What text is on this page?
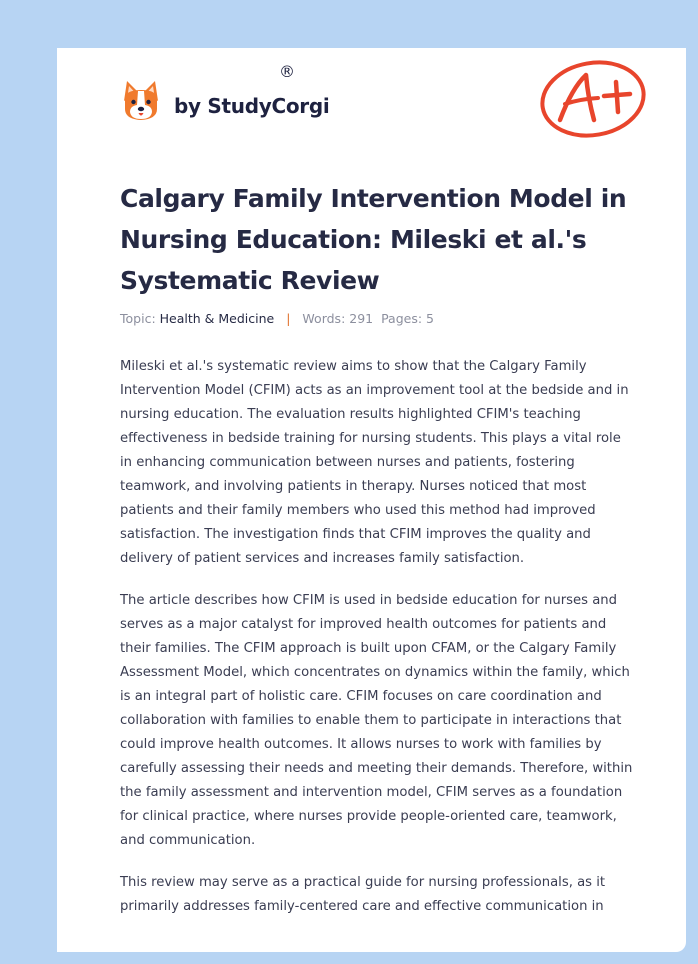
by StudyCorgi
®
Calgary Family Intervention Model in Nursing Education: Mileski et al.'s Systematic Review
Topic: Health & Medicine | Words: 291 Pages: 5

Mileski et al.'s systematic review aims to show that the Calgary Family Intervention Model (CFIM) acts as an improvement tool at the bedside and in nursing education. The evaluation results highlighted CFIM's teaching effectiveness in bedside training for nursing students. This plays a vital role in enhancing communication between nurses and patients, fostering teamwork, and involving patients in therapy. Nurses noticed that most patients and their family members who used this method had improved satisfaction. The investigation finds that CFIM improves the quality and delivery of patient services and increases family satisfaction.

The article describes how CFIM is used in bedside education for nurses and serves as a major catalyst for improved health outcomes for patients and their families. The CFIM approach is built upon CFAM, or the Calgary Family Assessment Model, which concentrates on dynamics within the family, which is an integral part of holistic care. CFIM focuses on care coordination and collaboration with families to enable them to participate in interactions that could improve health outcomes. It allows nurses to work with families by carefully assessing their needs and meeting their demands. Therefore, within the family assessment and intervention model, CFIM serves as a foundation for clinical practice, where nurses provide people-oriented care, teamwork, and communication.

This review may serve as a practical guide for nursing professionals, as it primarily addresses family-centered care and effective communication in
